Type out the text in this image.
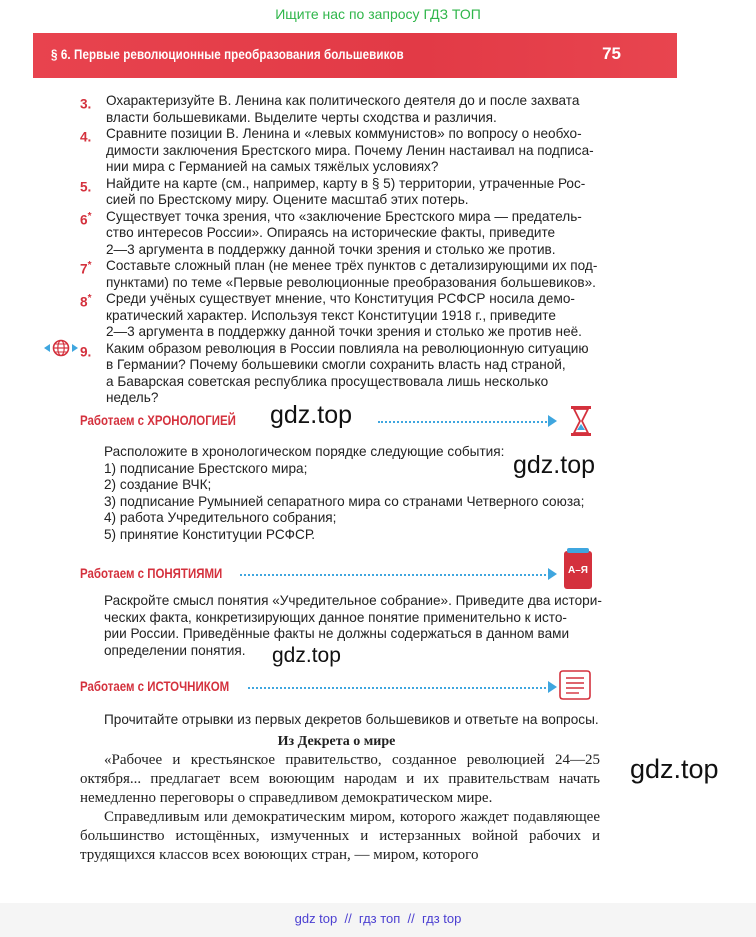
Ищите нас по запросу ГДЗ ТОП
§ 6. Первые революционные преобразования большевиков	75
3. Охарактеризуйте В. Ленина как политического деятеля до и после захвата
власти большевиками. Выделите черты сходства и различия.
4. Сравните позиции В. Ленина и «левых коммунистов» по вопросу о необхо-
димости заключения Брестского мира. Почему Ленин настаивал на подписа-
нии мира с Германией на самых тяжёлых условиях?
5. Найдите на карте (см., например, карту в § 5) территории, утраченные Рос-
сией по Брестскому миру. Оцените масштаб этих потерь.
6* Существует точка зрения, что «заключение Брестского мира — предатель-
ство интересов России». Опираясь на исторические факты, приведите
2—3 аргумента в поддержку данной точки зрения и столько же против.
7* Составьте сложный план (не менее трёх пунктов с детализирующими их под-
пунктами) по теме «Первые революционные преобразования большевиков».
8* Среди учёных существует мнение, что Конституция РСФСР носила демо-
кратический характер. Используя текст Конституции 1918 г., приведите
2—3 аргумента в поддержку данной точки зрения и столько же против неё.
9. Каким образом революция в России повлияла на революционную ситуацию
в Германии? Почему большевики смогли сохранить власть над страной,
а Баварская советская республика просуществовала лишь несколько недель?
Работаем с ХРОНОЛОГИЕЙ
Расположите в хронологическом порядке следующие события:
1) подписание Брестского мира;
2) создание ВЧК;
3) подписание Румынией сепаратного мира со странами Четверного союза;
4) работа Учредительного собрания;
5) принятие Конституции РСФСР.
Работаем с ПОНЯТИЯМИ
Раскройте смысл понятия «Учредительное собрание». Приведите два истори-
ческих факта, конкретизирующих данное понятие применительно к исто-
рии России. Приведённые факты не должны содержаться в данном вами
определении понятия.
А–Я
Работаем с ИСТОЧНИКОМ
Прочитайте отрывки из первых декретов большевиков и ответьте на вопросы.
Из Декрета о мире

«Рабочее и крестьянское правительство, созданное революцией 24—25 октября... предлагает всем воюющим народам и их правительствам начать немедленно переговоры о справедливом демократическом мире.

Справедливым или демократическим миром, которого жаждет подавляющее большинство истощённых, измученных и истерзанных войной рабочих и трудящихся классов всех воюющих стран, — миром, которого

gdz.top
gdz.top
gdz.top
gdz.top
gdz top  //  гдз топ  //  гдз top
